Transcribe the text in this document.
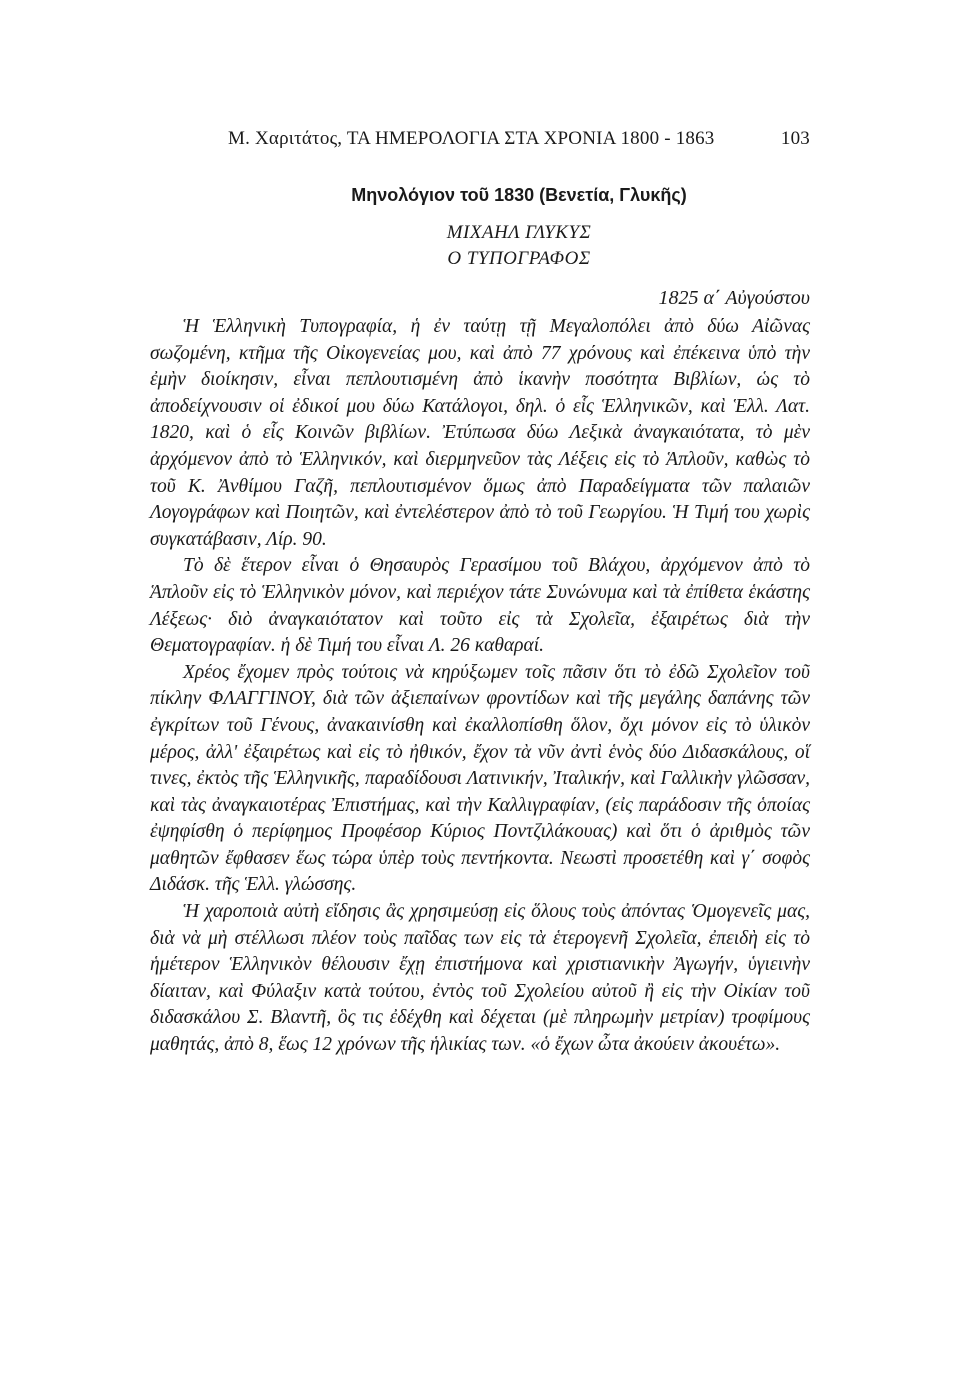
Μ. Χαριτάτος, ΤΑ ΗΜΕΡΟΛΟΓΙΑ ΣΤΑ ΧΡΟΝΙΑ 1800 - 1863	103
Μηνολόγιον τοῦ 1830 (Βενετία, Γλυκῆς)
ΜΙΧΑΗΛ ΓΛΥΚΥΣ
Ο ΤΥΠΟΓΡΑΦΟΣ
1825 α΄ Αὐγούστου

Ἡ Ἑλληνικὴ Τυπογραφία, ἡ ἐν ταύτῃ τῇ Μεγαλοπόλει ἀπὸ δύω Αἰῶνας σωζομένη, κτῆμα τῆς Οἰκογενείας μου, καὶ ἀπὸ 77 χρόνους καὶ ἐπέκεινα ὑπὸ τὴν ἐμὴν διοίκησιν, εἶναι πεπλουτισμένη ἀπὸ ἱκανὴν ποσότητα Βιβλίων, ὡς τὸ ἀποδείχνουσιν οἱ ἐδικοί μου δύω Κατάλογοι, δηλ. ὁ εἷς Ἑλληνικῶν, καὶ Ἑλλ. Λατ. 1820, καὶ ὁ εἷς Κοινῶν βιβλίων. Ἐτύπωσα δύω Λεξικὰ ἀναγκαιότατα, τὸ μὲν ἀρχόμενον ἀπὸ τὸ Ἑλληνικόν, καὶ διερμηνεῦον τὰς Λέξεις εἰς τὸ Ἁπλοῦν, καθὼς τὸ τοῦ Κ. Ἀνθίμου Γαζῆ, πεπλουτισμένον ὅμως ἀπὸ Παραδείγματα τῶν παλαιῶν Λογογράφων καὶ Ποιητῶν, καὶ ἐντελέστερον ἀπὸ τὸ τοῦ Γεωργίου. Ἡ Τιμή του χωρὶς συγκατάβασιν, Λίρ. 90.

Τὸ δὲ ἕτερον εἶναι ὁ Θησαυρὸς Γερασίμου τοῦ Βλάχου, ἀρχόμενον ἀπὸ τὸ Ἁπλοῦν εἰς τὸ Ἑλληνικὸν μόνον, καὶ περιέχον τάτε Συνώνυμα καὶ τὰ ἐπίθετα ἑκάστης Λέξεως· διὸ ἀναγκαιότατον καὶ τοῦτο εἰς τὰ Σχολεῖα, ἐξαιρέτως διὰ τὴν Θεματογραφίαν. ἡ δὲ Τιμή του εἶναι Λ. 26 καθαραί.

Χρέος ἔχομεν πρὸς τούτοις νὰ κηρύξωμεν τοῖς πᾶσιν ὅτι τὸ ἐδῶ Σχολεῖον τοῦ πίκλην ΦΛΑΓΓΙΝΟΥ, διὰ τῶν ἀξιεπαίνων φροντίδων καὶ τῆς μεγάλης δαπάνης τῶν ἐγκρίτων τοῦ Γένους, ἀνακαινίσθη καὶ ἐκαλλοπίσθη ὅλον, ὄχι μόνον εἰς τὸ ὑλικὸν μέρος, ἀλλ' ἐξαιρέτως καὶ εἰς τὸ ἠθικόν, ἔχον τὰ νῦν ἀντὶ ἑνὸς δύο Διδασκάλους, οἵ τινες, ἐκτὸς τῆς Ἑλληνικῆς, παραδίδουσι Λατινικήν, Ἰταλικήν, καὶ Γαλλικὴν γλῶσσαν, καὶ τὰς ἀναγκαιοτέρας Ἐπιστήμας, καὶ τὴν Καλλιγραφίαν, (εἰς παράδοσιν τῆς ὁποίας ἐψηφίσθη ὁ περίφημος Προφέσορ Κύριος Ποντζιλάκουας) καὶ ὅτι ὁ ἀριθμὸς τῶν μαθητῶν ἔφθασεν ἕως τώρα ὑπὲρ τοὺς πεντήκοντα. Νεωστὶ προσετέθη καὶ γ΄ σοφὸς Διδάσκ. τῆς Ἑλλ. γλώσσης.

Ἡ χαροποιὰ αὐτὴ εἴδησις ἂς χρησιμεύσῃ εἰς ὅλους τοὺς ἀπόντας Ὁμογενεῖς μας, διὰ νὰ μὴ στέλλωσι πλέον τοὺς παῖδας των εἰς τὰ ἑτερογενῆ Σχολεῖα, ἐπειδὴ εἰς τὸ ἡμέτερον Ἑλληνικὸν θέλουσιν ἔχῃ ἐπιστήμονα καὶ χριστιανικὴν Ἀγωγήν, ὑγιεινὴν δίαιταν, καὶ Φύλαξιν κατὰ τούτου, ἐντὸς τοῦ Σχολείου αὐτοῦ ἢ εἰς τὴν Οἰκίαν τοῦ διδασκάλου Σ. Βλαντῆ, ὃς τις ἐδέχθη καὶ δέχεται (μὲ πληρωμὴν μετρίαν) τροφίμους μαθητάς, ἀπὸ 8, ἕως 12 χρόνων τῆς ἡλικίας των. «ὁ ἔχων ὦτα ἀκούειν ἀκουέτω».
